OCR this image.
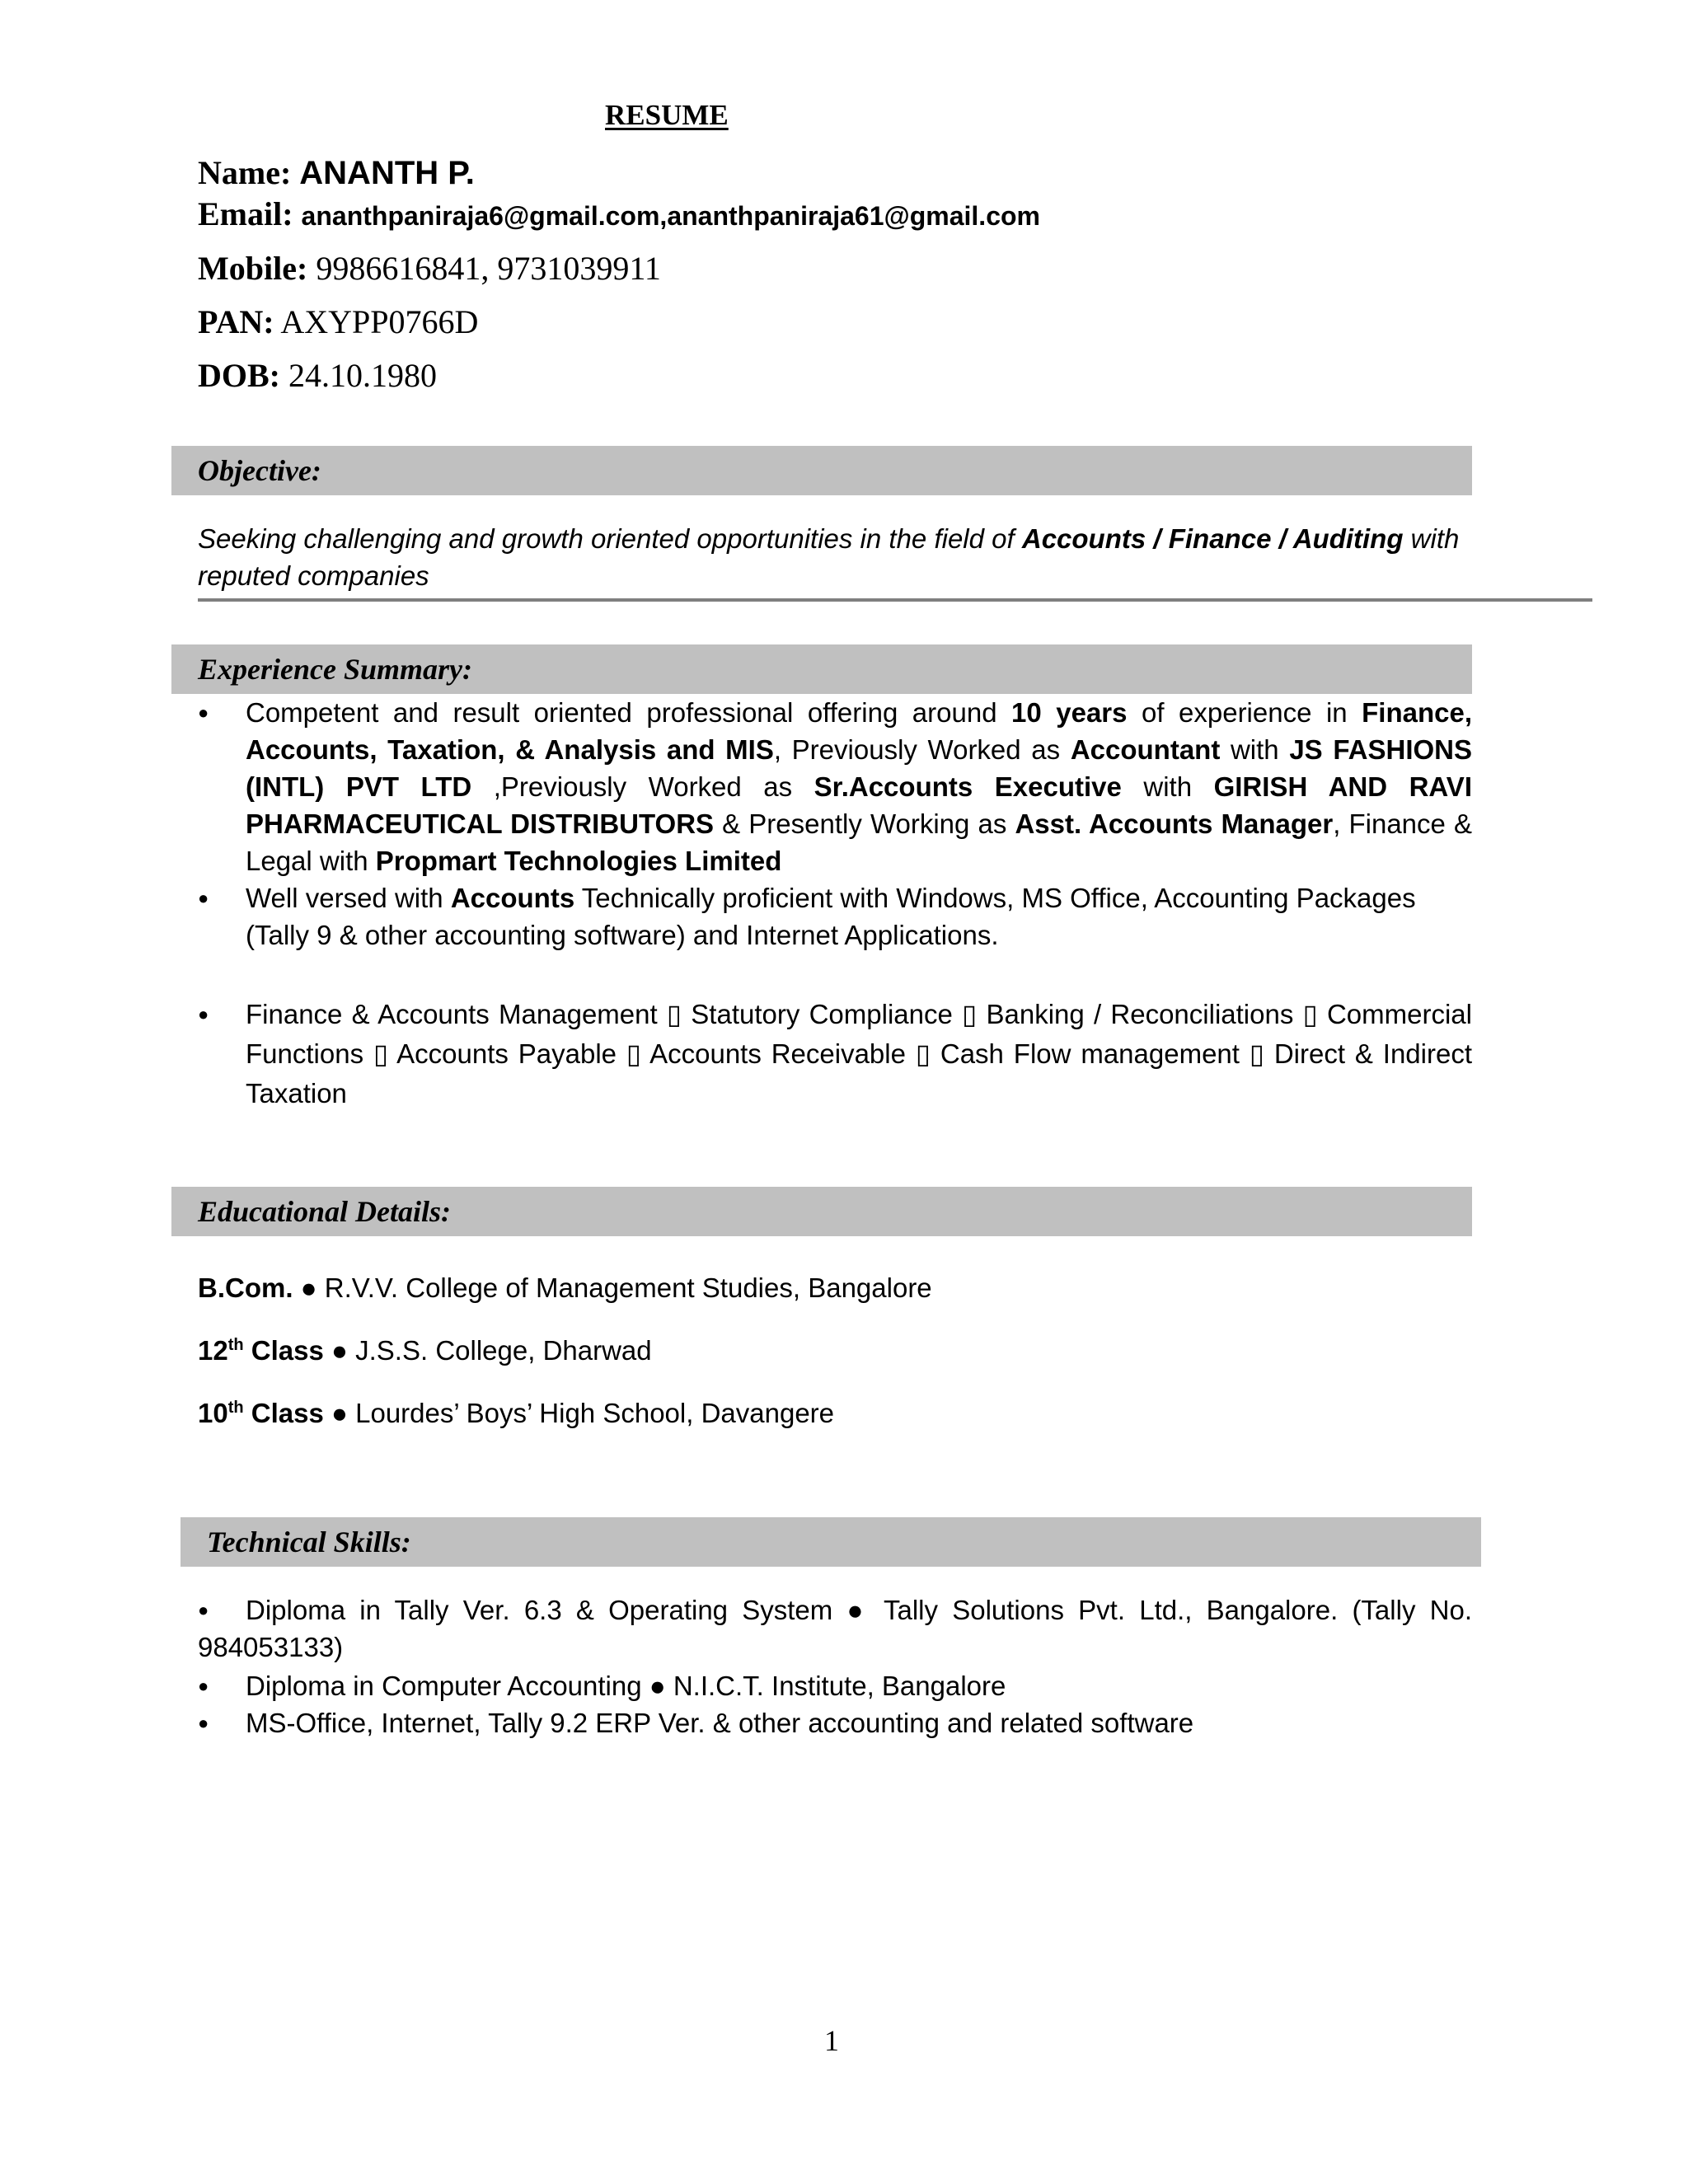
RESUME
Name: ANANTH P.
Email: ananthpaniraja6@gmail.com,ananthpaniraja61@gmail.com
Mobile: 9986616841, 9731039911
PAN: AXYPP0766D
DOB: 24.10.1980
Objective:
Seeking challenging and growth oriented opportunities in the field of Accounts / Finance / Auditing with reputed companies
Experience Summary:
● Competent and result oriented professional offering around 10 years of experience in Finance, Accounts, Taxation, & Analysis and MIS, Previously Worked as Accountant with JS FASHIONS (INTL) PVT LTD ,Previously Worked as Sr.Accounts Executive with GIRISH AND RAVI PHARMACEUTICAL DISTRIBUTORS & Presently Working as Asst. Accounts Manager, Finance & Legal with Propmart Technologies Limited
● Well versed with Accounts Technically proficient with Windows, MS Office, Accounting Packages (Tally 9 & other accounting software) and Internet Applications.
● Finance & Accounts Management ▯ Statutory Compliance ▯ Banking / Reconciliations ▯ Commercial Functions ▯ Accounts Payable ▯ Accounts Receivable ▯ Cash Flow management ▯ Direct & Indirect Taxation
Educational Details:
B.Com. ● R.V.V. College of Management Studies, Bangalore
12th Class ● J.S.S. College, Dharwad
10th Class ● Lourdes’ Boys’ High School, Davangere
Technical Skills:
● Diploma in Tally Ver. 6.3 & Operating System ● Tally Solutions Pvt. Ltd., Bangalore. (Tally No. 984053133)
● Diploma in Computer Accounting ● N.I.C.T. Institute, Bangalore
● MS-Office, Internet, Tally 9.2 ERP Ver. & other accounting and related software
1
